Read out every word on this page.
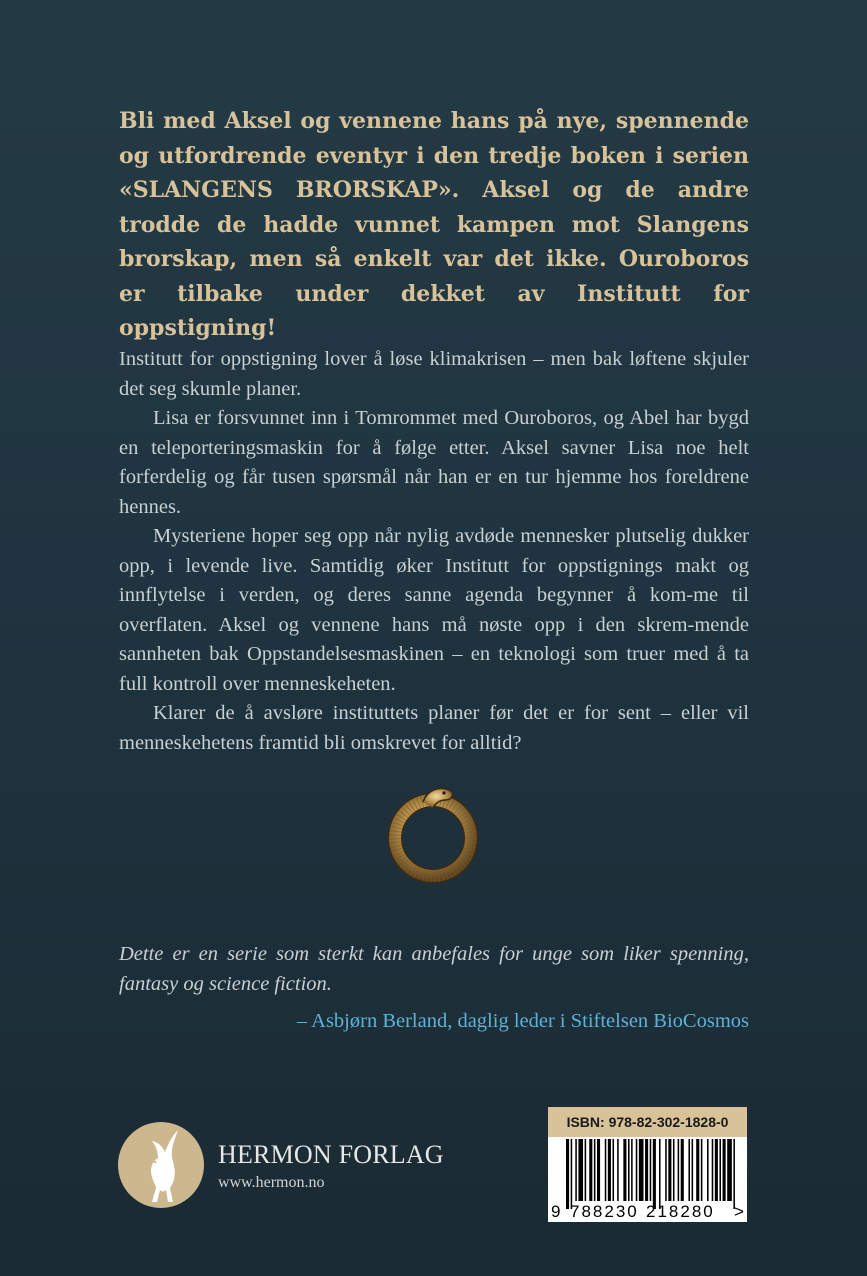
Bli med Aksel og vennene hans på nye, spennende og utfordrende eventyr i den tredje boken i serien «SLANGENS BRORSKAP». Aksel og de andre trodde de hadde vunnet kampen mot Slangens brorskap, men så enkelt var det ikke. Ouroboros er tilbake under dekket av Institutt for oppstigning!

Institutt for oppstigning lover å løse klimakrisen – men bak løftene skjuler det seg skumle planer.

Lisa er forsvunnet inn i Tomrommet med Ouroboros, og Abel har bygd en teleporteringsmaskin for å følge etter. Aksel savner Lisa noe helt forferdelig og får tusen spørsmål når han er en tur hjemme hos foreldrene hennes.

Mysteriene hoper seg opp når nylig avdøde mennesker plutselig dukker opp, i levende live. Samtidig øker Institutt for oppstignings makt og innflytelse i verden, og deres sanne agenda begynner å kom-me til overflaten. Aksel og vennene hans må nøste opp i den skrem-mende sannheten bak Oppstandelsesmaskinen – en teknologi som truer med å ta full kontroll over menneskeheten.

Klarer de å avsløre instituttets planer før det er for sent – eller vil menneskehetens framtid bli omskrevet for alltid?

Dette er en serie som sterkt kan anbefales for unge som liker spenning, fantasy og science fiction.

– Asbjørn Berland, daglig leder i Stiftelsen BioCosmos
HERMON FORLAG
www.hermon.no
ISBN: 978-82-302-1828-0
9 788230 218280 >
